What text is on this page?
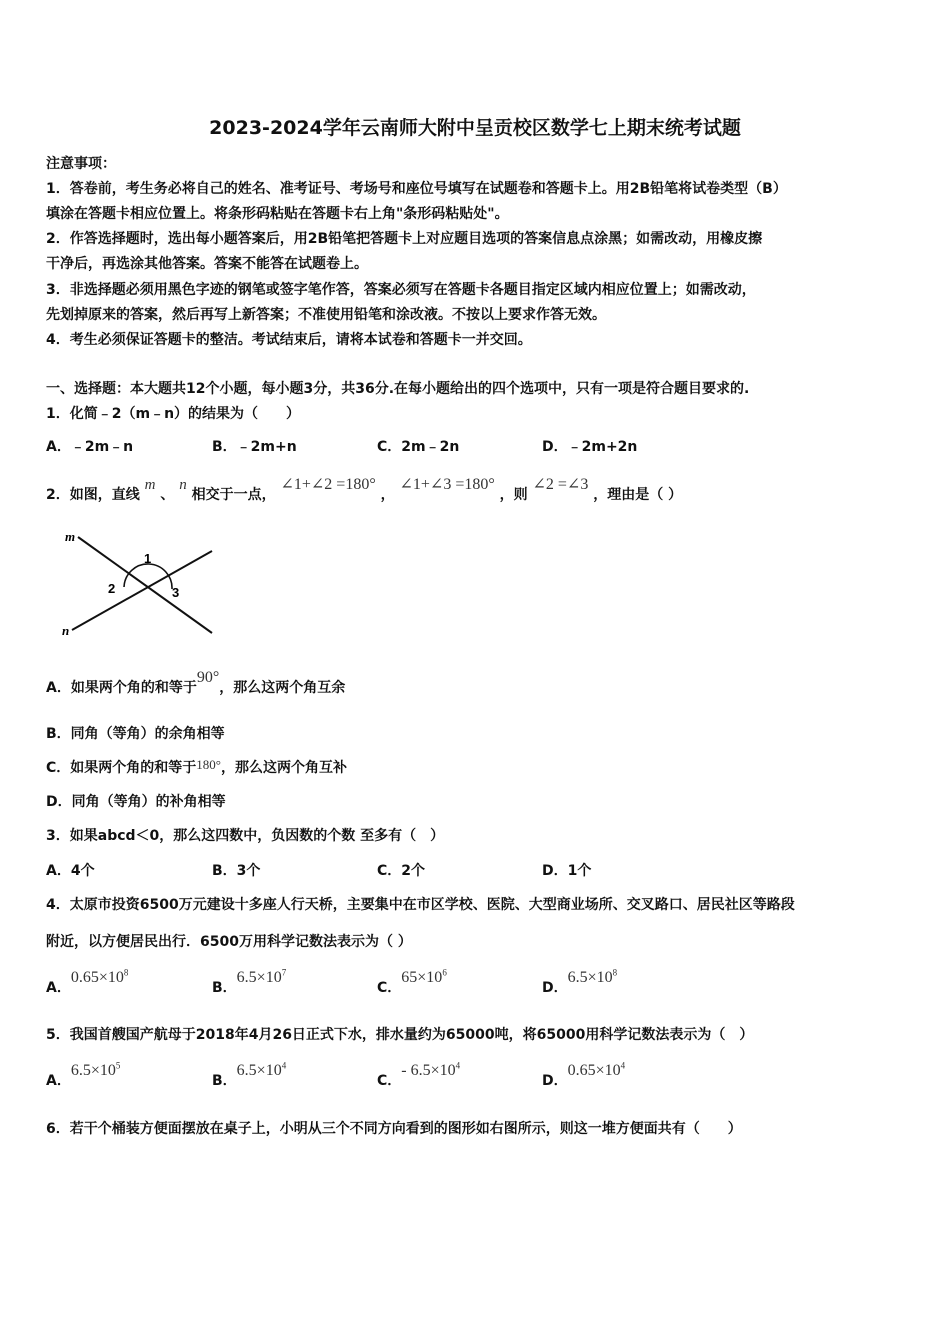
2023-2024学年云南师大附中呈贡校区数学七上期末统考试题
注意事项：
1．答卷前，考生务必将自己的姓名、准考证号、考场号和座位号填写在试题卷和答题卡上。用2B铅笔将试卷类型（B）
填涂在答题卡相应位置上。将条形码粘贴在答题卡右上角"条形码粘贴处"。
2．作答选择题时，选出每小题答案后，用2B铅笔把答题卡上对应题目选项的答案信息点涂黑；如需改动，用橡皮擦
干净后，再选涂其他答案。答案不能答在试题卷上。
3．非选择题必须用黑色字迹的钢笔或签字笔作答，答案必须写在答题卡各题目指定区域内相应位置上；如需改动，
先划掉原来的答案，然后再写上新答案；不准使用铅笔和涂改液。不按以上要求作答无效。
4．考生必须保证答题卡的整洁。考试结束后，请将本试卷和答题卡一并交回。
一、选择题：本大题共12个小题，每小题3分，共36分.在每小题给出的四个选项中，只有一项是符合题目要求的.
1．化简﹣2（m﹣n）的结果为（　　）
A．﹣2m﹣n	B．﹣2m+n	C．2m﹣2n	D．﹣2m+2n
2．如图，直线 m 、 n 相交于一点， ∠1+∠2 =180° ， ∠1+∠3 =180° ，则 ∠2 =∠3 ，理由是（ ）
m
n
1
2	3
A．如果两个角的和等于90°，那么这两个角互余
B．同角（等角）的余角相等
C．如果两个角的和等于180°，那么这两个角互补
D．同角（等角）的补角相等
3．如果abcd＜0，那么这四数中，负因数的个数 至多有（　）
A．4个	B．3个	C．2个	D．1个
4．太原市投资6500万元建设十多座人行天桥，主要集中在市区学校、医院、大型商业场所、交叉路口、居民社区等路段
附近，以方便居民出行．6500万用科学记数法表示为（ ）
A．$0.65\times 10^8$
B．$6.5\times 10^7$
C．$65\times 10^6$
D．$6.5\times 10^8$
5．我国首艘国产航母于2018年4月26日正式下水，排水量约为65000吨，将65000用科学记数法表示为（　）
A．$6.5\times 10^5$
B．$6.5\times 10^4$
C．- $6.5\times 10^4$
D．$0.65\times 10^4$
6．若干个桶装方便面摆放在桌子上，小明从三个不同方向看到的图形如右图所示，则这一堆方便面共有（　　）
